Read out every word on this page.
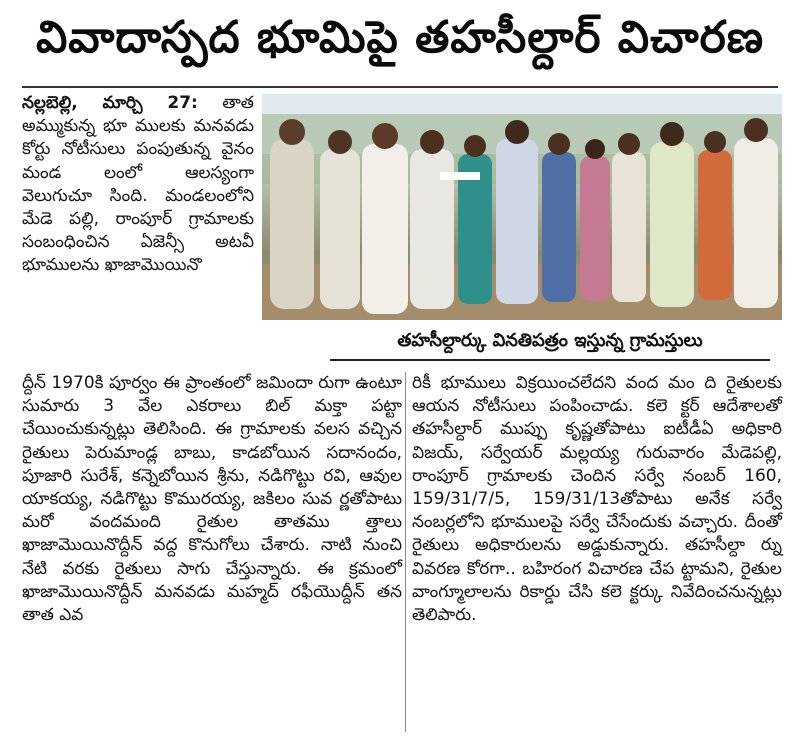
వివాదాస్పద భూమిపై తహసీల్దార్ విచారణ
నల్లబెల్లి, మార్చి 27: తాత అమ్ముకున్న భూ ములకు మనవడు కోర్టు నోటీసులు పంపుతున్న వైనం మండ లంలో ఆలస్యంగా వెలుగుచూ సింది. మండలంలోని మేడె పల్లి, రాంపూర్ గ్రామాలకు సంబంధించిన ఏజెన్సీ అటవీ భూములను ఖాజామొయినొ
తహసీల్దార్కు వినతిపత్రం ఇస్తున్న గ్రామస్తులు
ద్దీన్ 1970కి పూర్వం ఈ ప్రాంతంలో జమిందా రుగా ఉంటూ సుమారు 3 వేల ఎకరాలు బిల్ మక్తా పట్టా చేయించుకున్నట్లు తెలిసింది. ఈ గ్రామాలకు వలస వచ్చిన రైతులు పెరుమాండ్ల బాబు, కాడబోయిన సదానందం, పూజారి సురేశ్, కన్నెబోయిన శ్రీను, నడిగొట్టు రవి, ఆవుల యాకయ్య, నడిగొట్టు కొమురయ్య, జకిలం సువ ర్ణతోపాటు మరో వందమంది రైతుల తాతము త్తాలు ఖాజామొయినొద్దీన్ వద్ద కొనుగోలు చేశారు. నాటి నుంచి నేటి వరకు రైతులు సాగు చేస్తున్నారు. ఈ క్రమంలో ఖాజామొయినొద్దీన్ మనవడు మహ్మద్ రఫీయొద్దీన్ తన తాత ఎవ
రికీ భూములు విక్రయించలేదని వంద మం ది రైతులకు ఆయన నోటీసులు పంపించాడు. కలె క్టర్ ఆదేశాలతో తహసీల్దార్ ముప్పు కృష్ణతోపాటు ఐటీడీఏ అధికారి విజయ్, సర్వేయర్ మల్లయ్య గురువారం మేడెపల్లి, రాంపూర్ గ్రామాలకు చెందిన సర్వే నంబర్ 160, 159/31/7/5, 159/31/13తోపాటు అనేక సర్వే నంబర్లలోని భూములపై సర్వే చేసేందుకు వచ్చారు. దీంతో రైతులు అధికారులను అడ్డుకున్నారు. తహసీల్దా ర్ను వివరణ కోరగా.. బహిరంగ విచారణ చేప ట్టామని, రైతుల వాంగ్మూలాలను రికార్డు చేసి కలె క్టర్కు నివేదించనున్నట్లు తెలిపారు.
